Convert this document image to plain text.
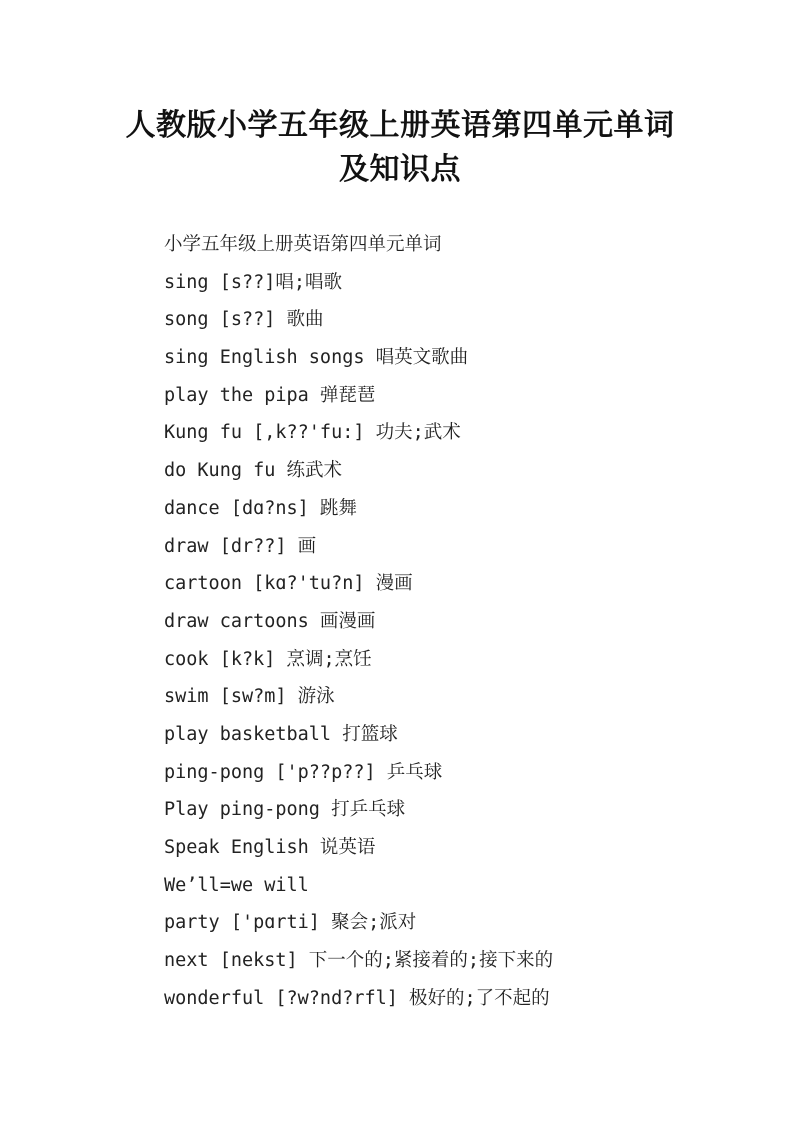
人教版小学五年级上册英语第四单元单词
及知识点
小学五年级上册英语第四单元单词
sing [s??]唱;唱歌
song [s??] 歌曲
sing English songs 唱英文歌曲
play the pipa 弹琵琶
Kung fu [,k??'fu:] 功夫;武术
do Kung fu 练武术
dance [dɑ?ns] 跳舞
draw [dr??] 画
cartoon [kɑ?'tu?n] 漫画
draw cartoons 画漫画
cook [k?k] 烹调;烹饪
swim [sw?m] 游泳
play basketball 打篮球
ping-pong ['p??p??] 乒乓球
Play ping-pong 打乒乓球
Speak English 说英语
We’ll=we will
party ['pɑrti] 聚会;派对
next [nekst] 下一个的;紧接着的;接下来的
wonderful [?w?nd?rfl] 极好的;了不起的
